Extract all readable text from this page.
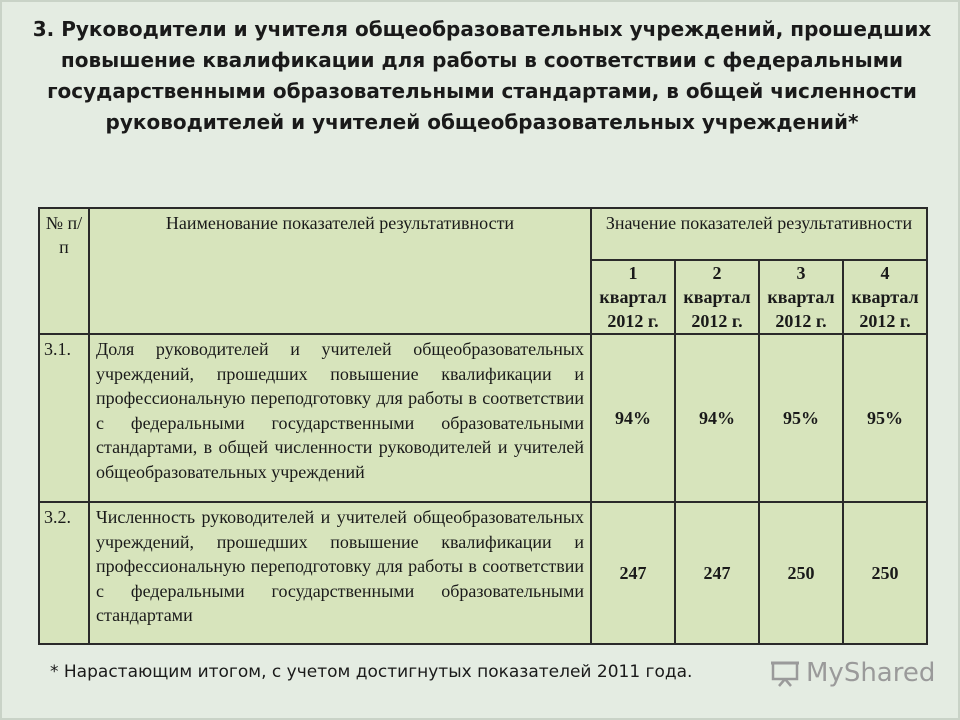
3. Руководители и учителя общеобразовательных учреждений, прошедших повышение квалификации для работы в соответствии с федеральными государственными образовательными стандартами, в общей численности руководителей и учителей общеобразовательных учреждений*
№ п/п	Наименование показателей результативности	Значение показателей результативности			
		1 квартал 2012 г.	2 квартал 2012 г.	3 квартал 2012 г.	4 квартал 2012 г.
3.1.	Доля руководителей и учителей общеобразовательных учреждений, прошедших повышение квалификации и профессиональную переподготовку для работы в соответствии с федеральными государственными образовательными стандартами, в общей численности руководителей и учителей общеобразовательных учреждений	94%	94%	95%	95%
3.2.	Численность руководителей и учителей общеобразовательных учреждений, прошедших повышение квалификации и профессиональную переподготовку для работы в соответствии с федеральными государственными образовательными стандартами	247	247	250	250
* Нарастающим итогом, с учетом достигнутых показателей 2011 года.	MyShared
